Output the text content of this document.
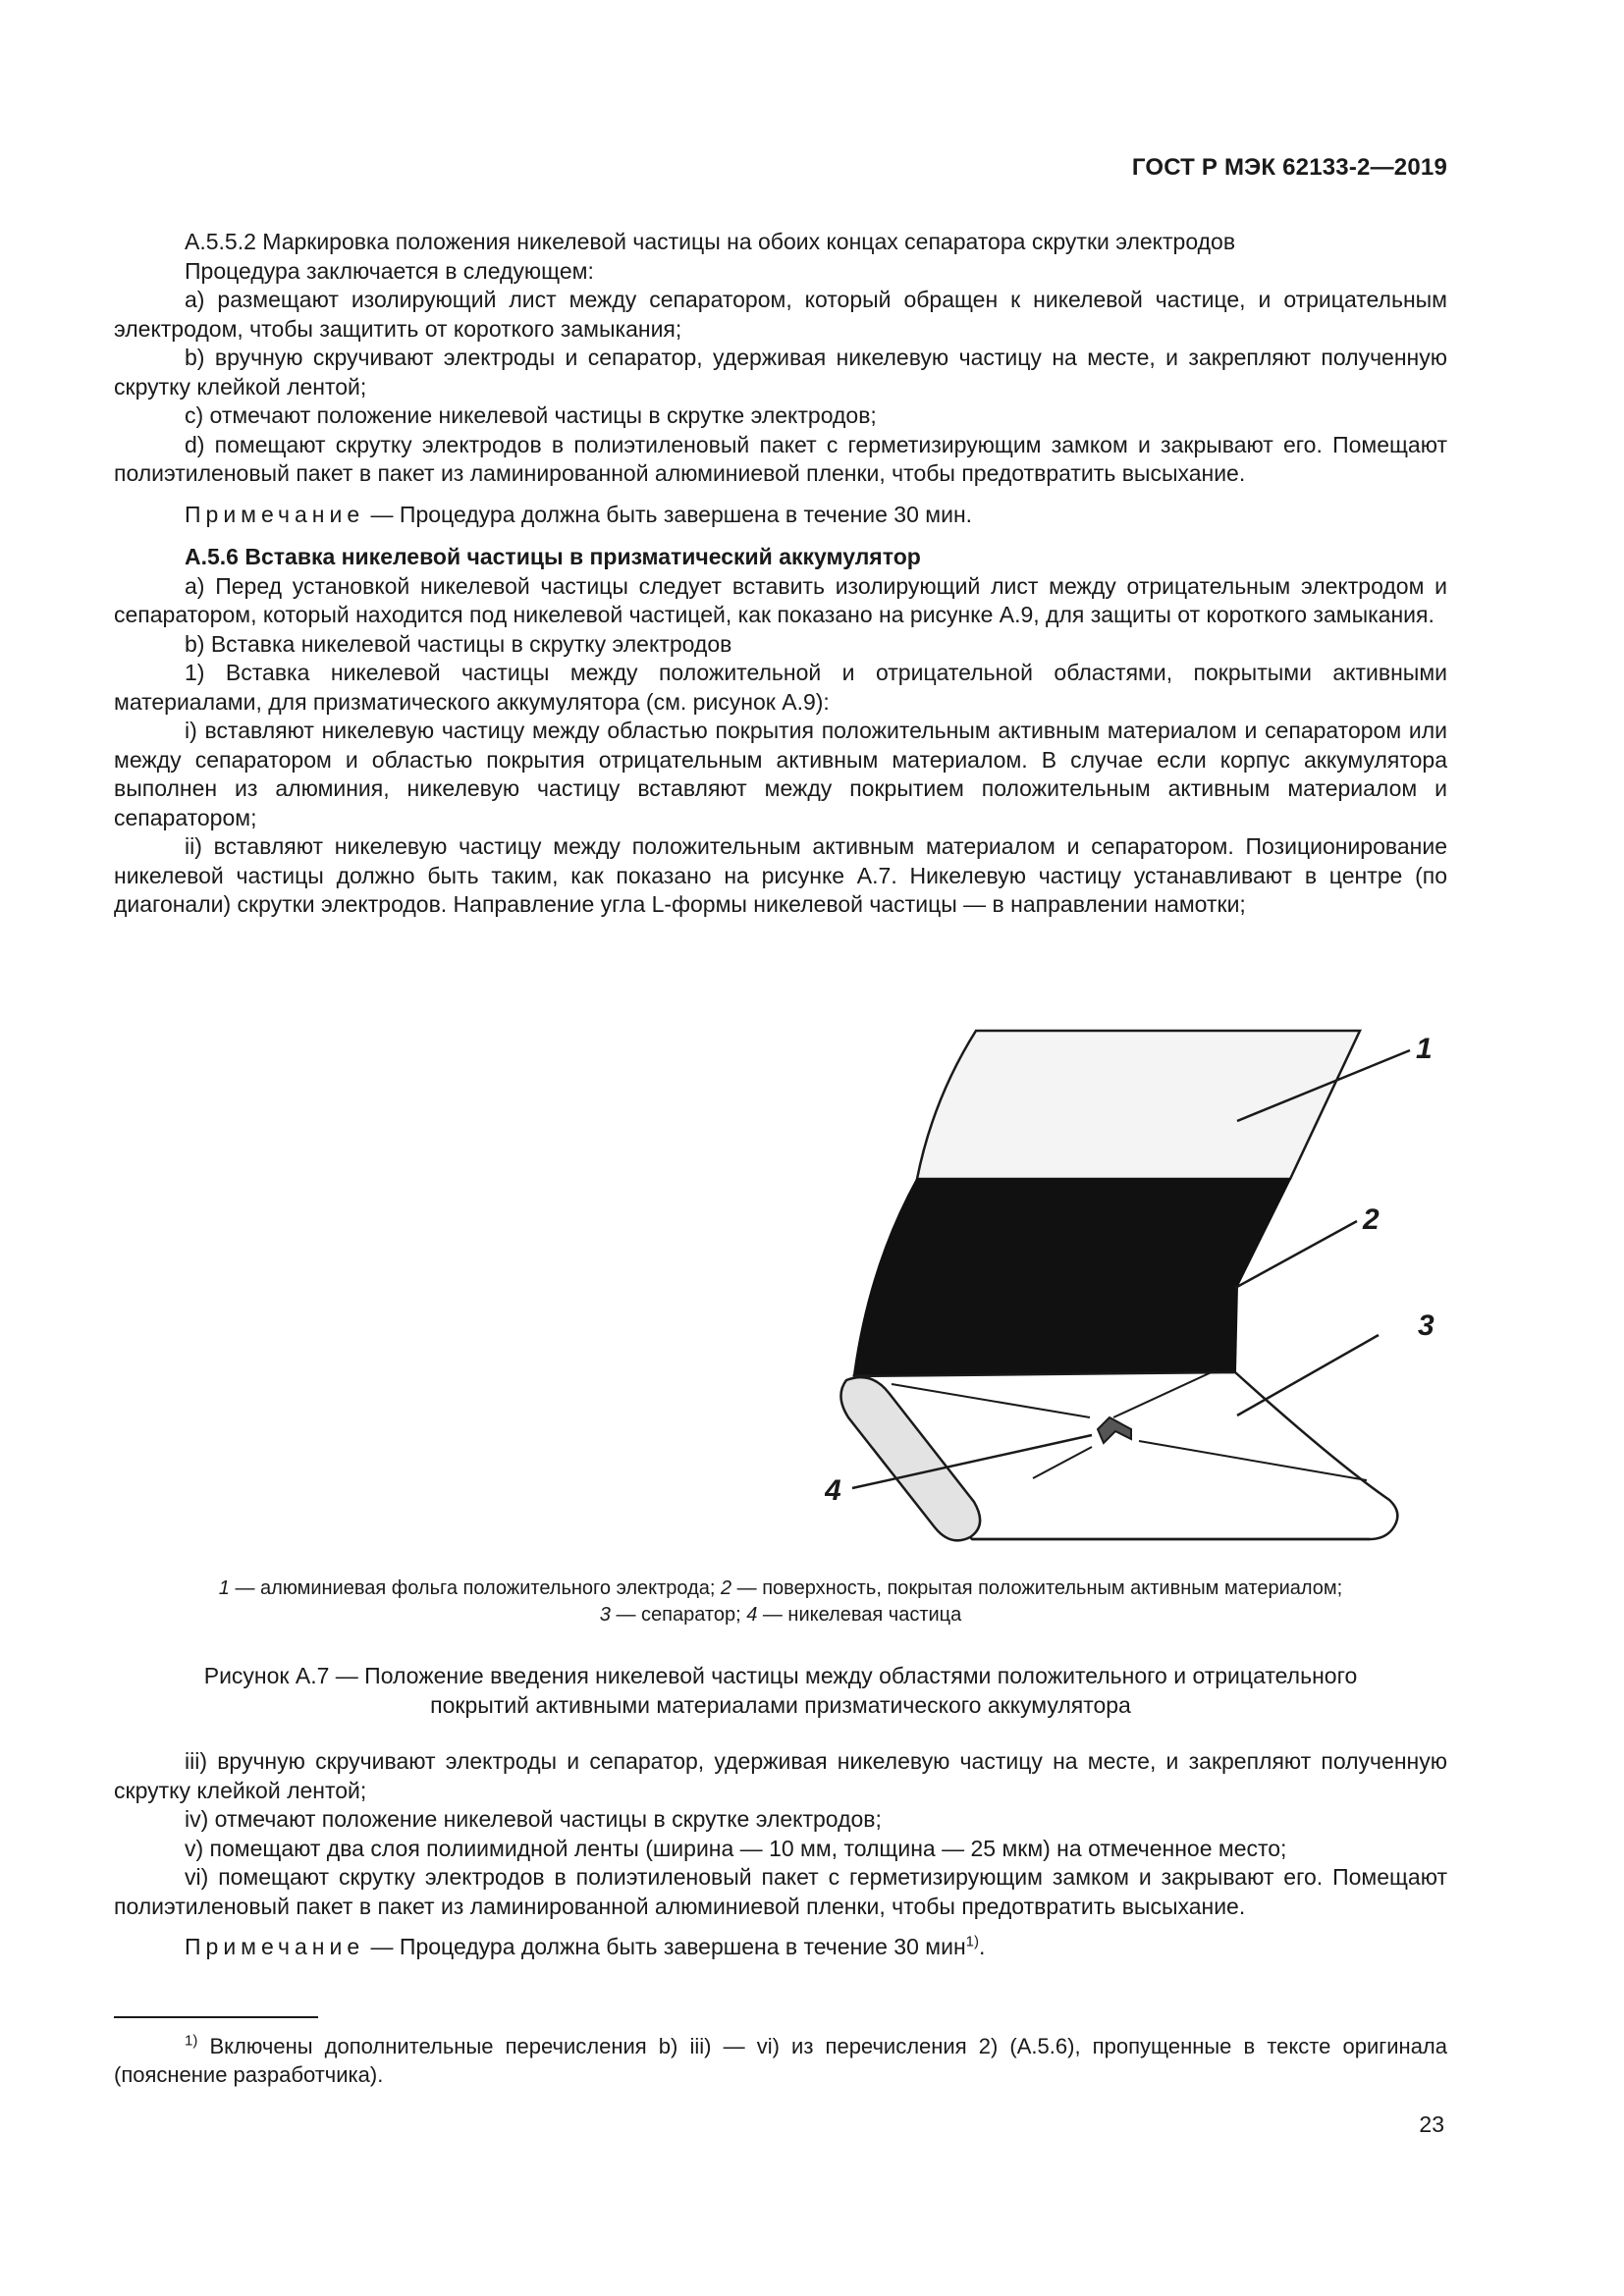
ГОСТ Р МЭК 62133-2—2019

А.5.5.2 Маркировка положения никелевой частицы на обоих концах сепаратора скрутки электродов

Процедура заключается в следующем:

а) размещают изолирующий лист между сепаратором, который обращен к никелевой частице, и отрицательным электродом, чтобы защитить от короткого замыкания;

b) вручную скручивают электроды и сепаратор, удерживая никелевую частицу на месте, и закрепляют полученную скрутку клейкой лентой;

с) отмечают положение никелевой частицы в скрутке электродов;

d) помещают скрутку электродов в полиэтиленовый пакет с герметизирующим замком и закрывают его. Помещают полиэтиленовый пакет в пакет из ламинированной алюминиевой пленки, чтобы предотвратить высыхание.

Примечание — Процедура должна быть завершена в течение 30 мин.

А.5.6 Вставка никелевой частицы в призматический аккумулятор

а) Перед установкой никелевой частицы следует вставить изолирующий лист между отрицательным электродом и сепаратором, который находится под никелевой частицей, как показано на рисунке А.9, для защиты от короткого замыкания.

b) Вставка никелевой частицы в скрутку электродов

1) Вставка никелевой частицы между положительной и отрицательной областями, покрытыми активными материалами, для призматического аккумулятора (см. рисунок А.9):

i) вставляют никелевую частицу между областью покрытия положительным активным материалом и сепаратором или между сепаратором и областью покрытия отрицательным активным материалом. В случае если корпус аккумулятора выполнен из алюминия, никелевую частицу вставляют между покрытием положительным активным материалом и сепаратором;

ii) вставляют никелевую частицу между положительным активным материалом и сепаратором. Позиционирование никелевой частицы должно быть таким, как показано на рисунке А.7. Никелевую частицу устанавливают в центре (по диагонали) скрутки электродов. Направление угла L-формы никелевой частицы — в направлении намотки;

1
2
3
4
1 — алюминиевая фольга положительного электрода; 2 — поверхность, покрытая положительным активным материалом;
3 — сепаратор; 4 — никелевая частица
Рисунок А.7 — Положение введения никелевой частицы между областями положительного и отрицательного
покрытий активными материалами призматического аккумулятора

iii) вручную скручивают электроды и сепаратор, удерживая никелевую частицу на месте, и закрепляют полученную скрутку клейкой лентой;

iv) отмечают положение никелевой частицы в скрутке электродов;

v) помещают два слоя полиимидной ленты (ширина — 10 мм, толщина — 25 мкм) на отмеченное место;

vi) помещают скрутку электродов в полиэтиленовый пакет с герметизирующим замком и закрывают его. Помещают полиэтиленовый пакет в пакет из ламинированной алюминиевой пленки, чтобы предотвратить высыхание.

Примечание — Процедура должна быть завершена в течение 30 мин$^{1)}$.

$^{1)}$ Включены дополнительные перечисления b) iii) — vi) из перечисления 2) (А.5.6), пропущенные в тексте оригинала (пояснение разработчика).

23
